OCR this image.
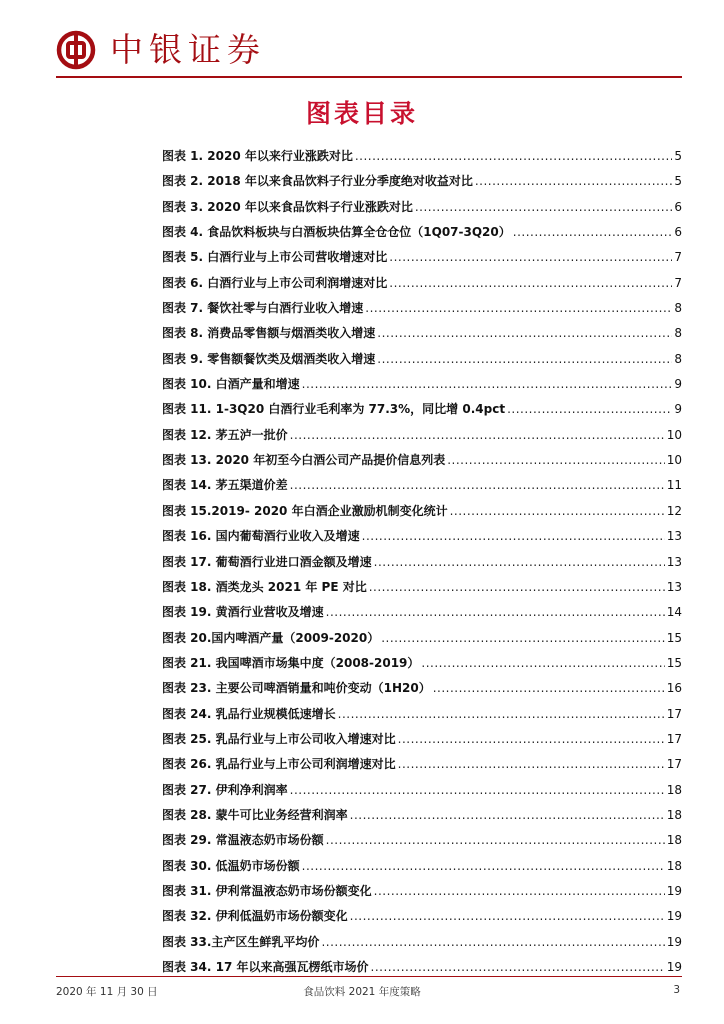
中银证券
图表目录
图表 1. 2020 年以来行业涨跌对比 .....	5
图表 2. 2018 年以来食品饮料子行业分季度绝对收益对比 .....	5
图表 3. 2020 年以来食品饮料子行业涨跌对比 .....	6
图表 4. 食品饮料板块与白酒板块估算全仓仓位（1Q07-3Q20） .....	6
图表 5. 白酒行业与上市公司营收增速对比 .....	7
图表 6. 白酒行业与上市公司利润增速对比 .....	7
图表 7. 餐饮社零与白酒行业收入增速 .....	8
图表 8. 消费品零售额与烟酒类收入增速 .....	8
图表 9. 零售额餐饮类及烟酒类收入增速 .....	8
图表 10. 白酒产量和增速 .....	9
图表 11. 1-3Q20 白酒行业毛利率为 77.3%，同比增 0.4pct .....	9
图表 12. 茅五泸一批价 .....	10
图表 13. 2020 年初至今白酒公司产品提价信息列表 .....	10
图表 14. 茅五渠道价差 .....	11
图表 15.2019- 2020 年白酒企业激励机制变化统计 .....	12
图表 16. 国内葡萄酒行业收入及增速 .....	13
图表 17. 葡萄酒行业进口酒金额及增速 .....	13
图表 18. 酒类龙头 2021 年 PE 对比 .....	13
图表 19. 黄酒行业营收及增速 .....	14
图表 20.国内啤酒产量（2009-2020） .....	15
图表 21. 我国啤酒市场集中度（2008-2019） .....	15
图表 23. 主要公司啤酒销量和吨价变动（1H20） .....	16
图表 24. 乳品行业规模低速增长 .....	17
图表 25. 乳品行业与上市公司收入增速对比 .....	17
图表 26. 乳品行业与上市公司利润增速对比 .....	17
图表 27. 伊利净利润率 .....	18
图表 28. 蒙牛可比业务经营利润率 .....	18
图表 29. 常温液态奶市场份额 .....	18
图表 30. 低温奶市场份额 .....	18
图表 31. 伊利常温液态奶市场份额变化 .....	19
图表 32. 伊利低温奶市场份额变化 .....	19
图表 33.主产区生鲜乳平均价 .....	19
图表 34. 17 年以来高强瓦楞纸市场价 .....	19
2020 年 11 月 30 日	食品饮料 2021 年度策略	3
